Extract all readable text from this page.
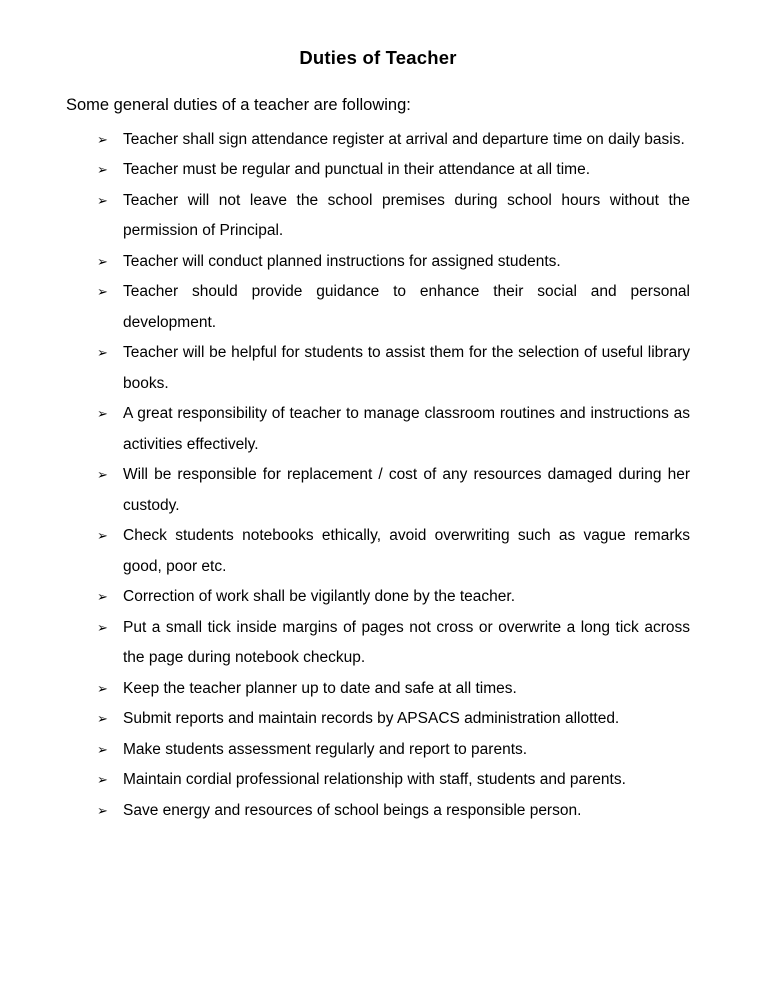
Duties of Teacher

Some general duties of a teacher are following:

➢ Teacher shall sign attendance register at arrival and departure time on daily basis.
➢ Teacher must be regular and punctual in their attendance at all time.
➢ Teacher will not leave the school premises during school hours without the permission of Principal.
➢ Teacher will conduct planned instructions for assigned students.
➢ Teacher should provide guidance to enhance their social and personal development.
➢ Teacher will be helpful for students to assist them for the selection of useful library books.
➢ A great responsibility of teacher to manage classroom routines and instructions as activities effectively.
➢ Will be responsible for replacement / cost of any resources damaged during her custody.
➢ Check students notebooks ethically, avoid overwriting such as vague remarks good, poor etc.
➢ Correction of work shall be vigilantly done by the teacher.
➢ Put a small tick inside margins of pages not cross or overwrite a long tick across the page during notebook checkup.
➢ Keep the teacher planner up to date and safe at all times.
➢ Submit reports and maintain records by APSACS administration allotted.
➢ Make students assessment regularly and report to parents.
➢ Maintain cordial professional relationship with staff, students and parents.
➢ Save energy and resources of school beings a responsible person.
